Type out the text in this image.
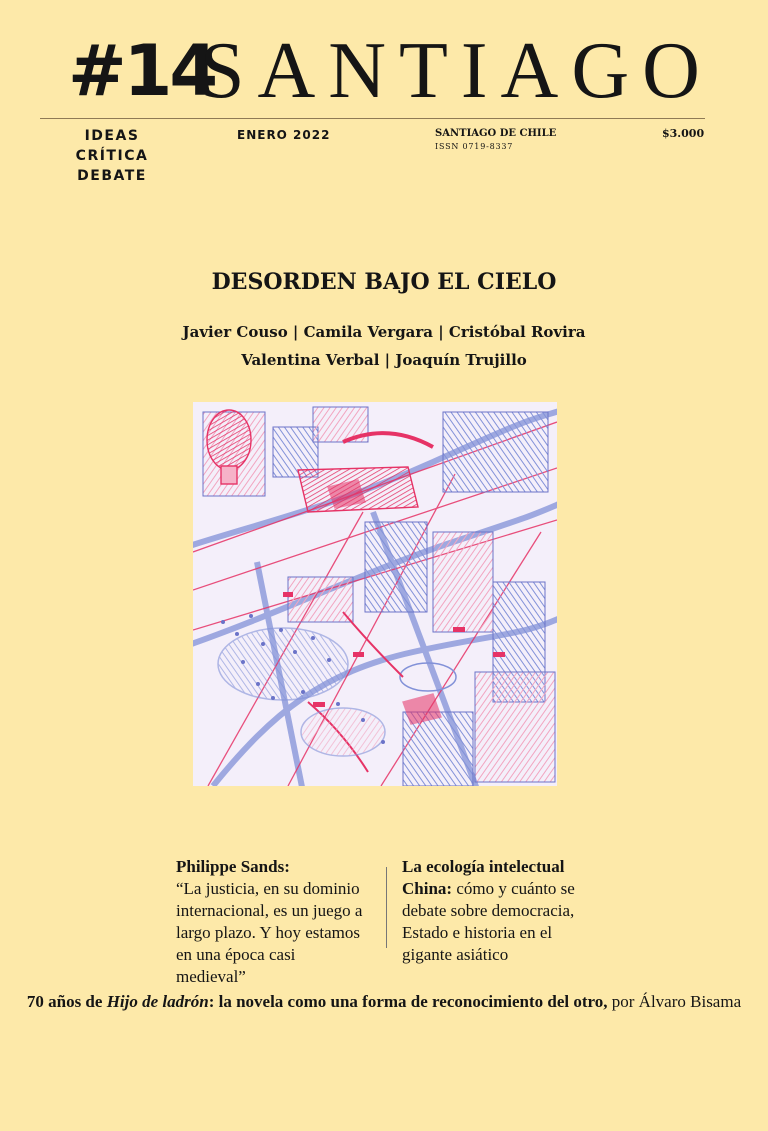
#14
SANTIAGO
IDEAS
CRÍTICA
DEBATE
ENERO 2022	SANTIAGO DE CHILE
ISSN 0719-8337
$3.000
DESORDEN BAJO EL CIELO
Javier Couso | Camila Vergara | Cristóbal Rovira
Valentina Verbal | Joaquín Trujillo
Philippe Sands:
“La justicia, en su dominio internacional, es un juego a largo plazo. Y hoy estamos en una época casi medieval”
La ecología intelectual China: cómo y cuánto se debate sobre democracia, Estado e historia en el gigante asiático
70 años de Hijo de ladrón: la novela como una forma de reconocimiento del otro, por Álvaro Bisama
